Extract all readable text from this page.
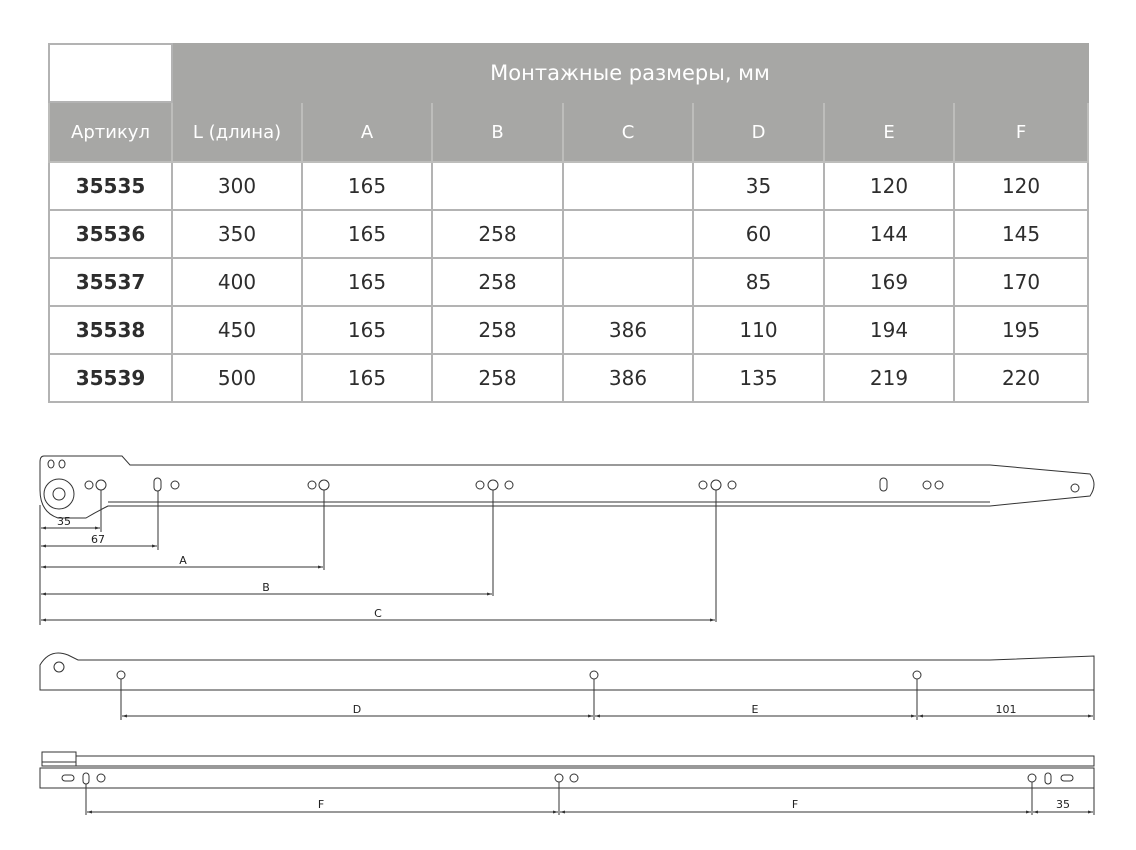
	Монтажные размеры, мм						
Артикул	L (длина)	A	B	C	D	E	F
35535	300	165			35	120	120
35536	350	165	258		60	144	145
35537	400	165	258		85	169	170
35538	450	165	258	386	110	194	195
35539	500	165	258	386	135	219	220
35
67
A
B
C
D	E	101
F	F	35
